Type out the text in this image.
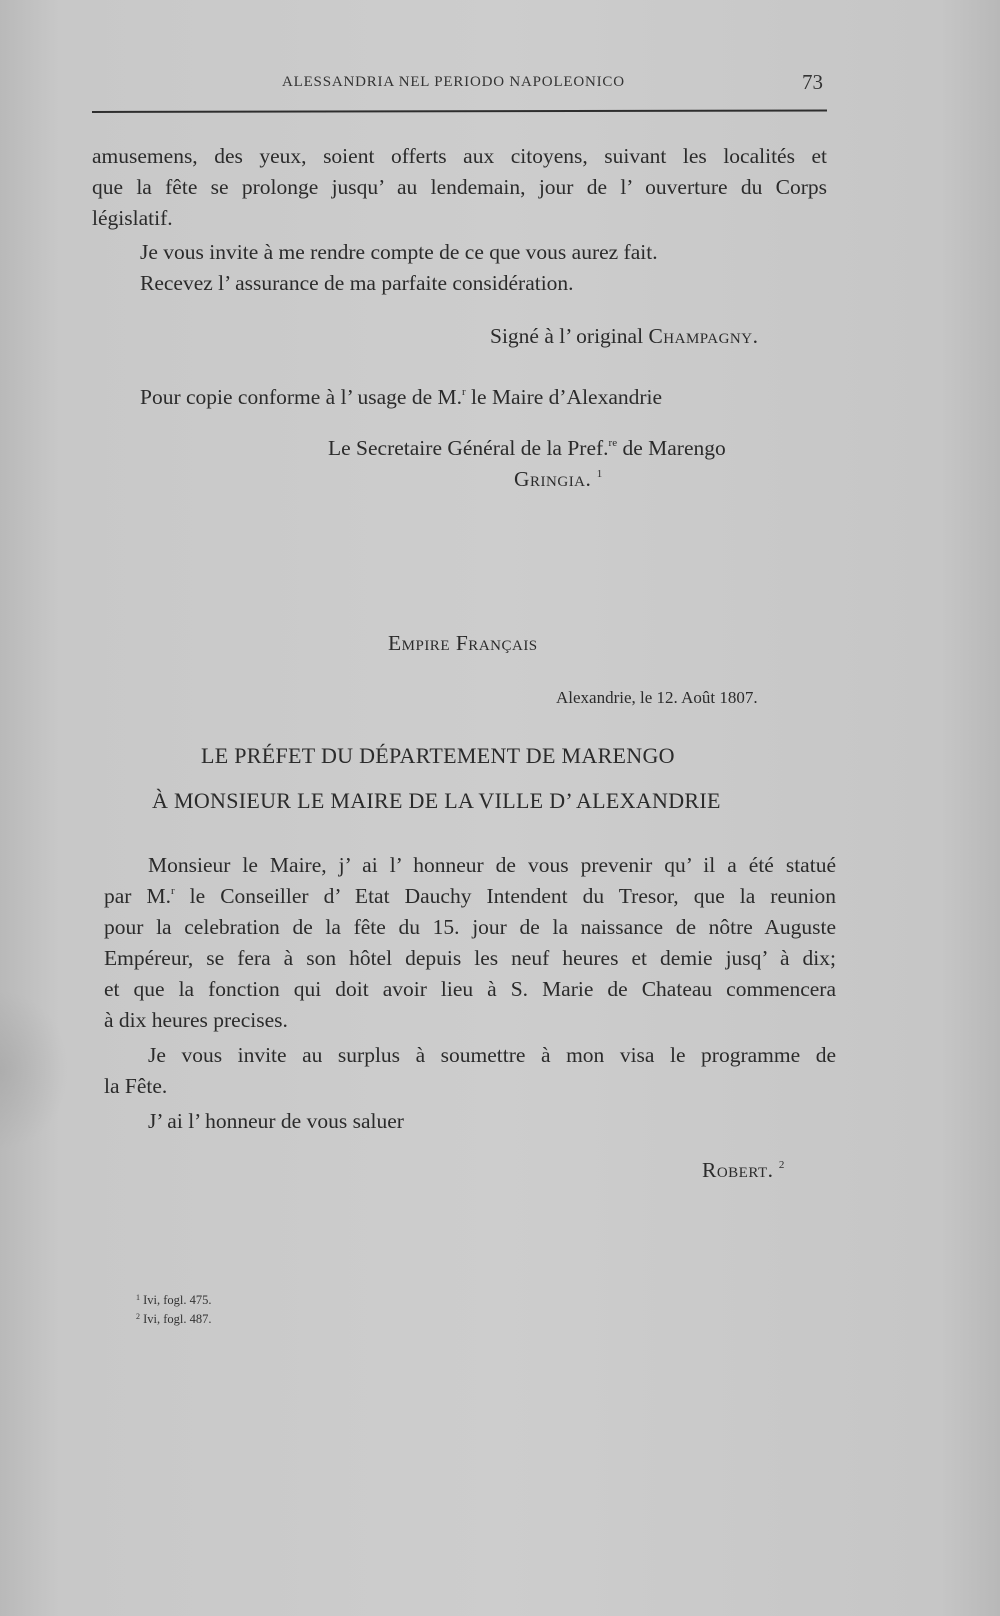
ALESSANDRIA NEL PERIODO NAPOLEONICO	73
amusemens, des yeux, soient offerts aux citoyens, suivant les localités et
que la fête se prolonge jusqu’ au lendemain, jour de l’ ouverture du Corps
législatif.
Je vous invite à me rendre compte de ce que vous aurez fait.
Recevez l’ assurance de ma parfaite considération.
Signé à l’ original Champagny.
Pour copie conforme à l’ usage de M.$^r$ le Maire d’Alexandrie
Le Secretaire Général de la Pref.$^{re}$ de Marengo
Gringia. $^1$
Empire Français
Alexandrie, le 12. Août 1807.
LE PRÉFET DU DÉPARTEMENT DE MARENGO
À MONSIEUR LE MAIRE DE LA VILLE D’ ALEXANDRIE
Monsieur le Maire, j’ ai l’ honneur de vous prevenir qu’ il a été statué
par M.$^r$ le Conseiller d’ Etat Dauchy Intendent du Tresor, que la reunion
pour la celebration de la fête du 15. jour de la naissance de nôtre Auguste
Empéreur, se fera à son hôtel depuis les neuf heures et demie jusq’ à dix;
et que la fonction qui doit avoir lieu à S. Marie de Chateau commencera
à dix heures precises.
Je vous invite au surplus à soumettre à mon visa le programme de
la Fête.
J’ ai l’ honneur de vous saluer
Robert. $^2$
$^1$ Ivi, fogl. 475.
$^2$ Ivi, fogl. 487.
